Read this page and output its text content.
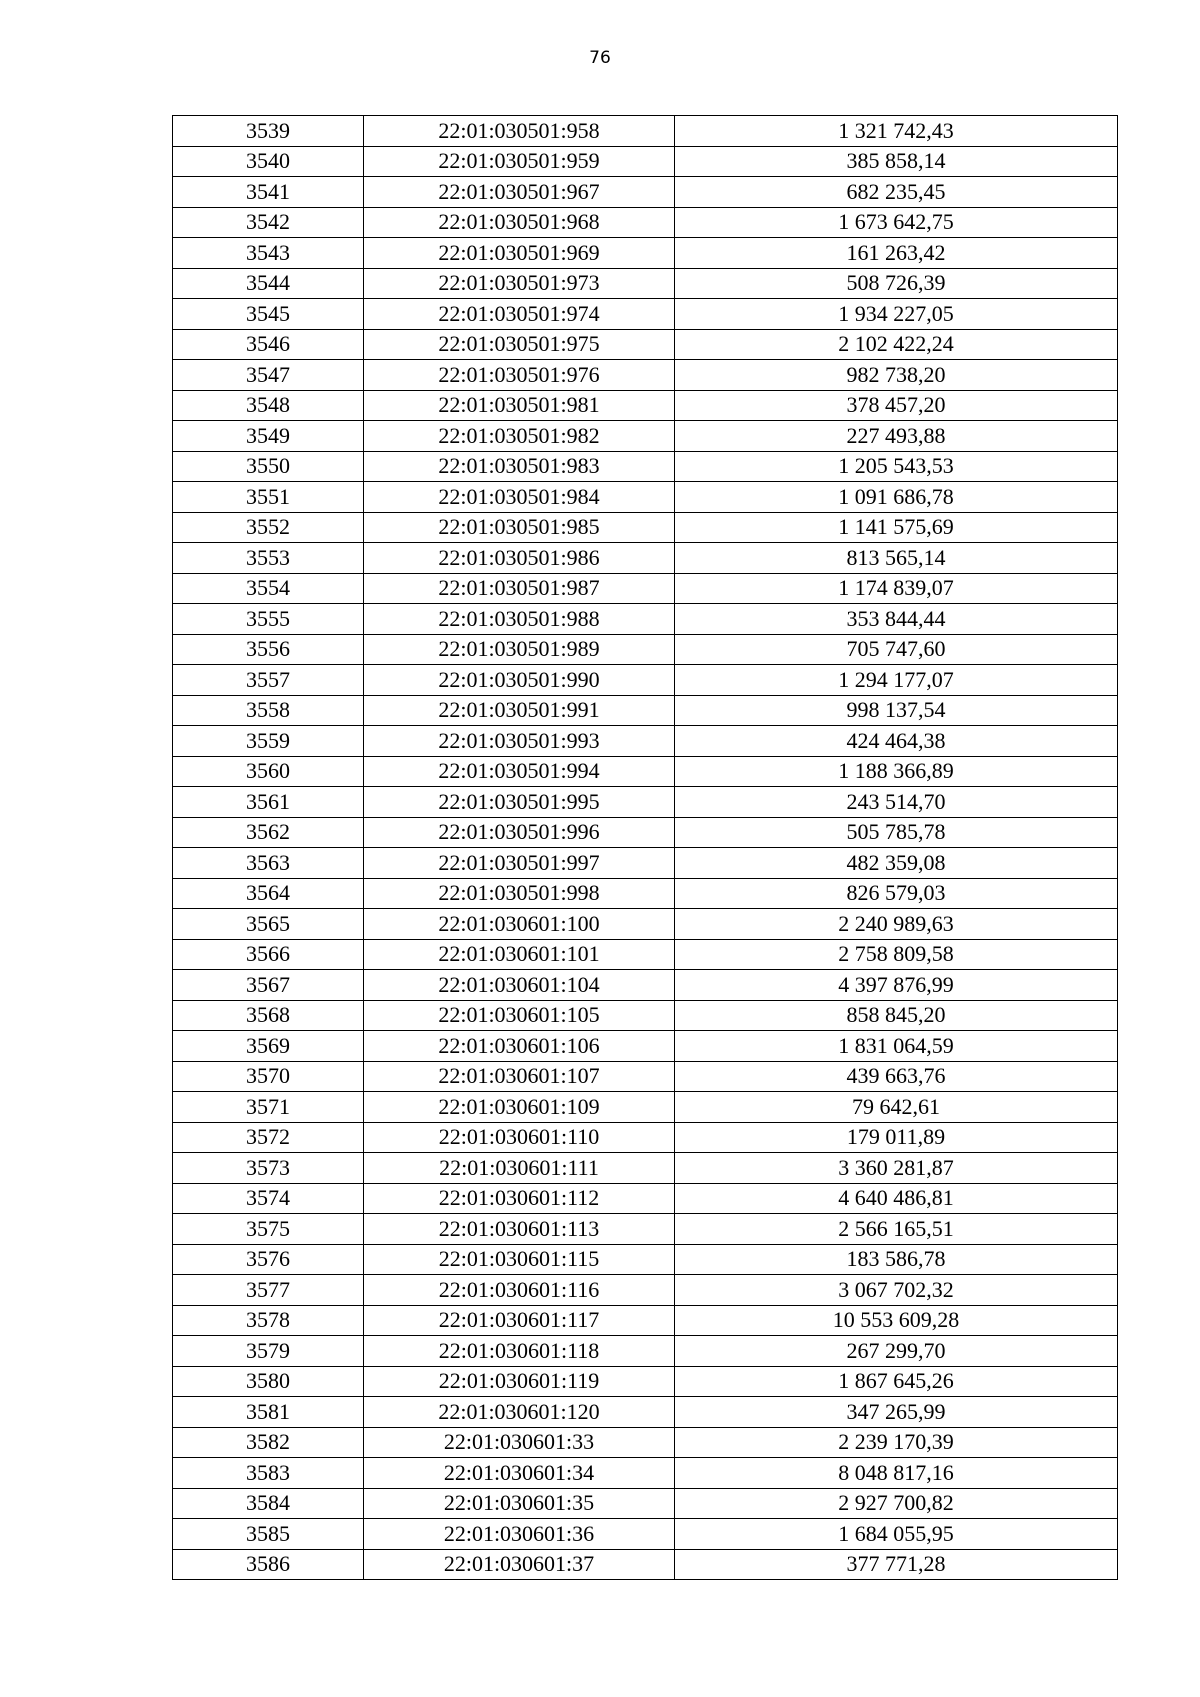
76
3539	22:01:030501:958	1 321 742,43
3540	22:01:030501:959	385 858,14
3541	22:01:030501:967	682 235,45
3542	22:01:030501:968	1 673 642,75
3543	22:01:030501:969	161 263,42
3544	22:01:030501:973	508 726,39
3545	22:01:030501:974	1 934 227,05
3546	22:01:030501:975	2 102 422,24
3547	22:01:030501:976	982 738,20
3548	22:01:030501:981	378 457,20
3549	22:01:030501:982	227 493,88
3550	22:01:030501:983	1 205 543,53
3551	22:01:030501:984	1 091 686,78
3552	22:01:030501:985	1 141 575,69
3553	22:01:030501:986	813 565,14
3554	22:01:030501:987	1 174 839,07
3555	22:01:030501:988	353 844,44
3556	22:01:030501:989	705 747,60
3557	22:01:030501:990	1 294 177,07
3558	22:01:030501:991	998 137,54
3559	22:01:030501:993	424 464,38
3560	22:01:030501:994	1 188 366,89
3561	22:01:030501:995	243 514,70
3562	22:01:030501:996	505 785,78
3563	22:01:030501:997	482 359,08
3564	22:01:030501:998	826 579,03
3565	22:01:030601:100	2 240 989,63
3566	22:01:030601:101	2 758 809,58
3567	22:01:030601:104	4 397 876,99
3568	22:01:030601:105	858 845,20
3569	22:01:030601:106	1 831 064,59
3570	22:01:030601:107	439 663,76
3571	22:01:030601:109	79 642,61
3572	22:01:030601:110	179 011,89
3573	22:01:030601:111	3 360 281,87
3574	22:01:030601:112	4 640 486,81
3575	22:01:030601:113	2 566 165,51
3576	22:01:030601:115	183 586,78
3577	22:01:030601:116	3 067 702,32
3578	22:01:030601:117	10 553 609,28
3579	22:01:030601:118	267 299,70
3580	22:01:030601:119	1 867 645,26
3581	22:01:030601:120	347 265,99
3582	22:01:030601:33	2 239 170,39
3583	22:01:030601:34	8 048 817,16
3584	22:01:030601:35	2 927 700,82
3585	22:01:030601:36	1 684 055,95
3586	22:01:030601:37	377 771,28
